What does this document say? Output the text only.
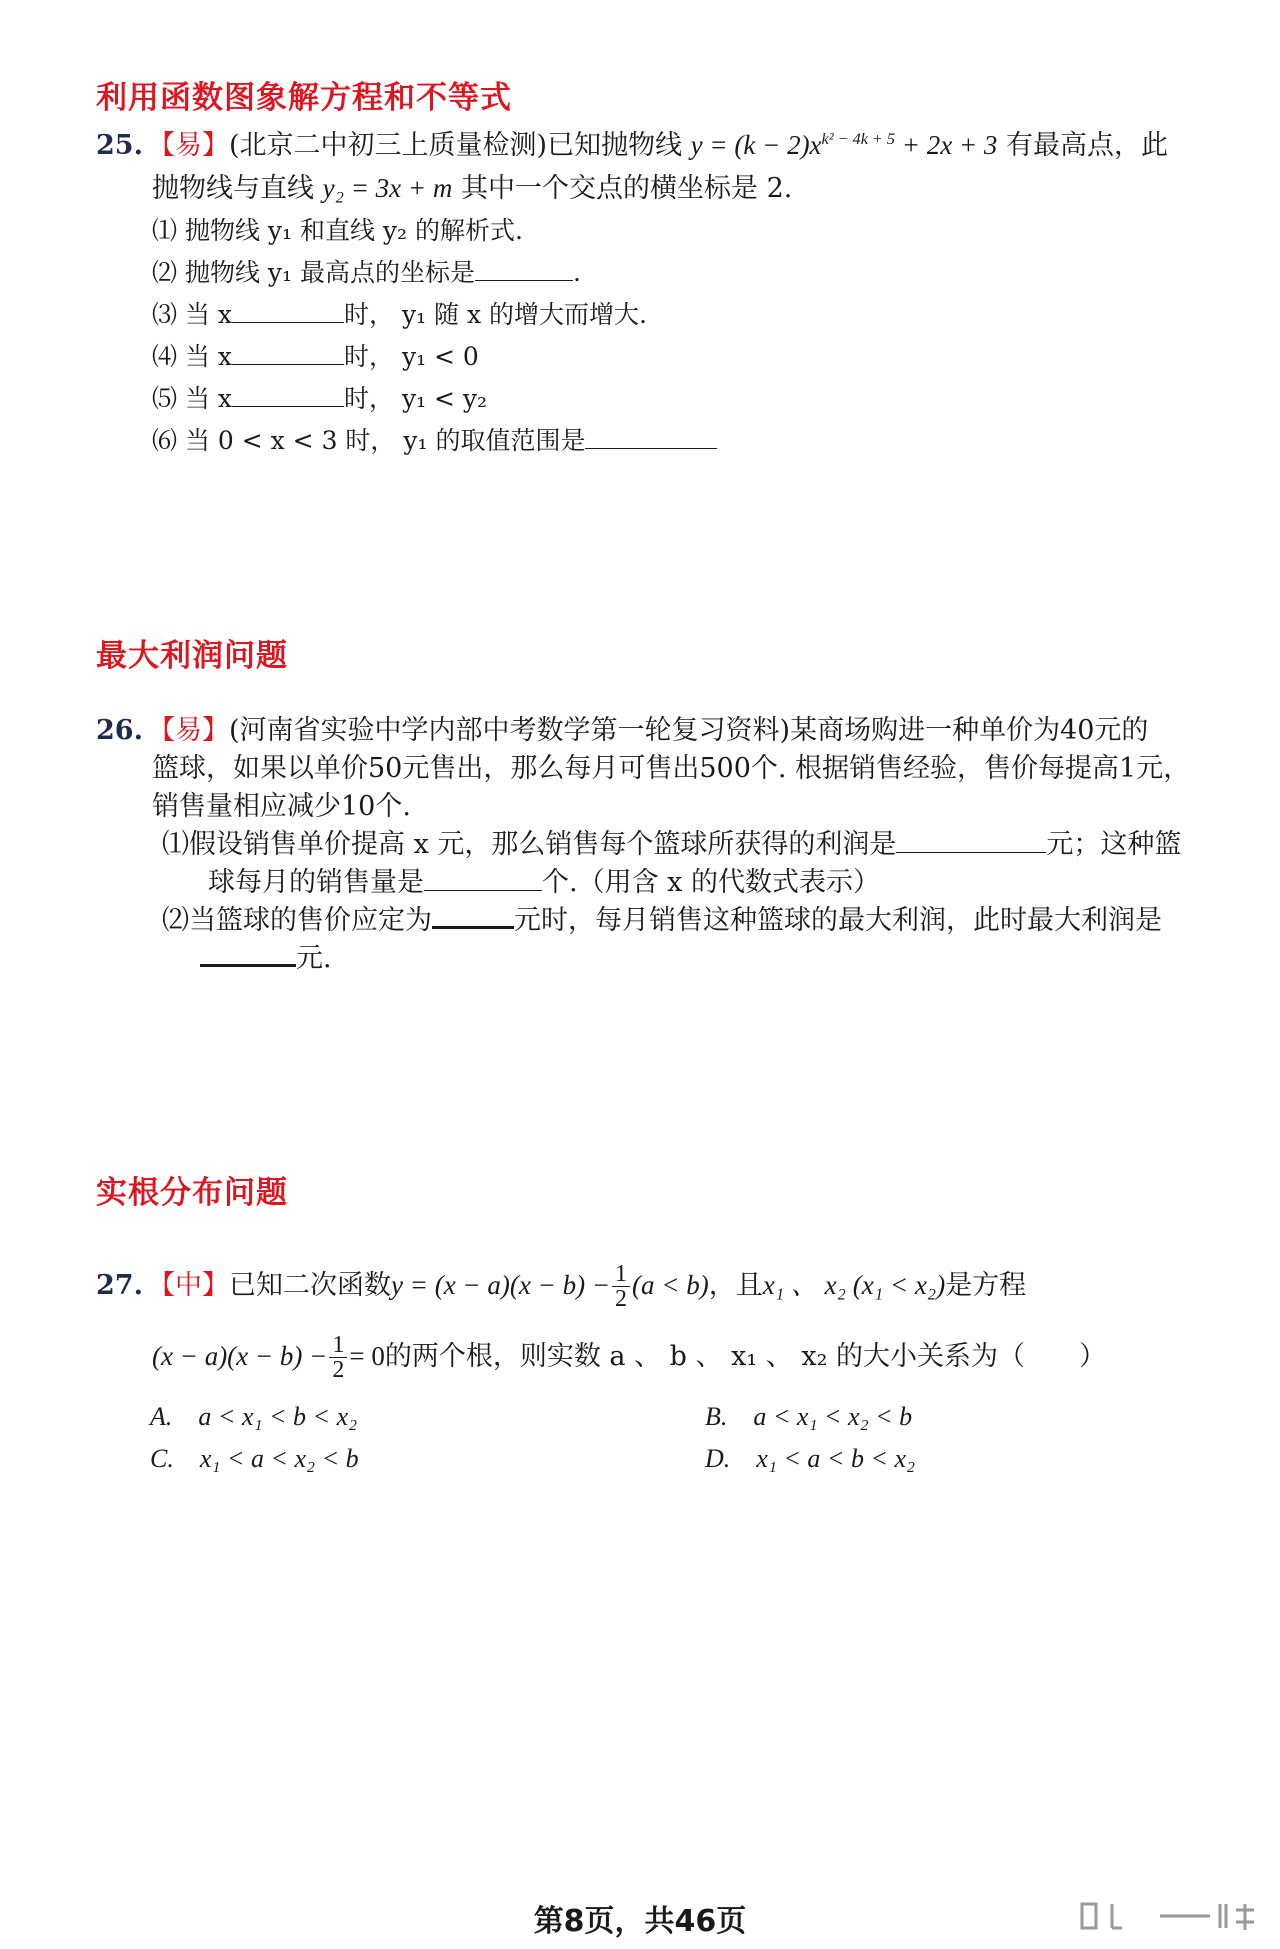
利用函数图象解方程和不等式
25. 【易】(北京二中初三上质量检测)已知抛物线 $y = (k - 2)x^{k^2 - 4k + 5} + 2x + 3$ 有最高点，此
抛物线与直线 y₂ = 3x + m 其中一个交点的横坐标是 2.
⑴ 抛物线 y₁ 和直线 y₂ 的解析式.
⑵ 抛物线 y₁ 最高点的坐标是	.
⑶ 当 x	时， y₁ 随 x 的增大而增大.
⑷ 当 x	时， y₁ < 0
⑸ 当 x	时， y₁ < y₂
⑹ 当 0 < x < 3 时， y₁ 的取值范围是
最大利润问题
26. 【易】(河南省实验中学内部中考数学第一轮复习资料)某商场购进一种单价为40元的
篮球，如果以单价50元售出，那么每月可售出500个. 根据销售经验，售价每提高1元，
销售量相应减少10个.
⑴假设销售单价提高 x 元，那么销售每个篮球所获得的利润是	元；这种篮
球每月的销售量是	个.（用含 x 的代数式表示）
⑵当篮球的售价应定为	元时，每月销售这种篮球的最大利润，此时最大利润是
元.
实根分布问题
27. 【中】已知二次函数$y = (x - a)(x - b) - \frac{1}{2} (a < b)$，且x₁ 、 x₂ (x₁ < x₂)是方程
$(x - a)(x - b) - \frac{1}{2} = 0$的两个根，则实数 a 、 b 、 x₁ 、 x₂ 的大小关系为（　　）
A.　a < x₁ < b < x₂	B.　a < x₁ < x₂ < b
C.　x₁ < a < x₂ < b	D.　x₁ < a < b < x₂
第8页，共46页
